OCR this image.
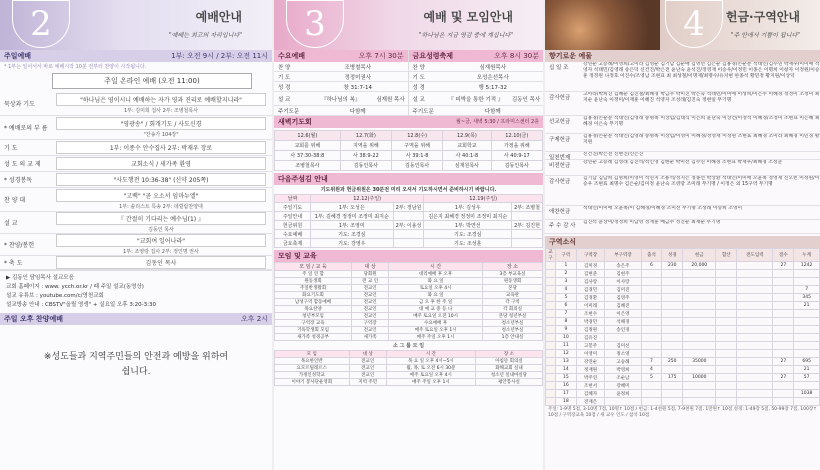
2	예배안내
"예배는 최고의 자리입니다"
주일예배	1부: 오전 9시 / 2부: 오전 11시
* 1부는 일어서서 바로 예배시작 10분 전부터 찬양이 시작됩니다.
주일 온라인 예배 (오전 11:00)
묵상과 기도
"하나님은 영이시니 예배하는 자가 영과 진리로 예배할지니라"
1부: 김미희 집사 2부: 조병철목사
* 예배로의 부 름
"영광송" / 회개기도 / 사도신경
"찬송가 104장"
기 도	1부: 이종수 안수집사 2부: 박재우 장로
성 도 의 교 제	교회소식 / 새가족 환영
* 성경봉독	"사도행전 10:36-38" (신약 205쪽)
찬 양 대
"고백" "곧 오소서 임마누엘"
1부: 솔리스트 특송 2부: 데릴람찬양대
설 교
『 간절히 기다리는 예수님(1) 』
김동인 목사
* 찬양/봉헌
"교회여 일어나라"
1부: 조영랑 집사 2부: 정인명 권사
* 축 도	김동인 목사
▶ 김동인 담임목사 설교모음
교회 홈페이지 : www. ycch.or.kr / 때 주일 설교(동영상)
설교 유튜브 : youtube.com/c/영천교회
설교방송 안내 : CBSTV"올릴 영생" + 실요일 오후 3:20-3:30
주일 오후 찬양예배	오후 2시
※성도들과 지역주민들의 안전과 예방을 위하여 쉽니다.
3	예배 및 모임안내
"하나님은 지금 영감 중에 계십니다"
수요예배	오후 7시 30분
찬 양	조병철목사
기 도	정정미권사
성 경	창 31:7-14
설 교	『하나님의 복』	심재원 목사
주기도문	다함께
금요성령축제	오후 8시 30분
찬 양	심재원목사
기 도	오성은선목사
성 경	행 5:17-32
설 교	『 피박을 통한 기적 』	김동인 목사
주기도문	다함께
새벽기도회	월~금, 새벽 5:30 / 프라미스센터 2층
12.6(월)	12.7(화)	12.8(수)	12.9(목)	12.10(금)
교회를 위해	지역을 위해	구역을 위해	교회학교	가정을 위해
사 37:30-38:8	사 38:9-22	사 39:1-8	사 40:1-8	사 40:9-17
조병철목사	김동인목사	김동인목사	심재원목사	김동인목사
다음주섬김 안내
기도위원과 헌금위원은 30분전 미리 오셔서 기도하시면서 준비하시기 바랍니다.
날짜	12.12(주일)		12.19(주일)	
주일기도	1부: 오성은	2부: 정남원	1부: 김성우	2부: 조병철
주일안내	1부: 김혜경 정정미 조정미 최지순		김은지 최혜경 정정미 조정미 최지순	
헌금위원	1부: 조영미	2부: 이용성	1부: 박연선	2부: 김진헌
수요예배	기도: 조경심		기도: 조경심	
금요축제	기도: 강영우		기도: 조성훈	
모임 및 교육
모 임 / 교 육	대 상	시 간	장 소
주 일 연 합	당회원	대리예배 후 오후	3층 부교육실
원동생회	전 교 인	화 요 일	원동생회
주일반생활회	전교인	토요일 오후 4시	본당
화요기도회	전교인	화 요 일	교육관
남성구역 합동예배	전교인	금 오 후 한 주 일	각 구역
목요찬양	전교인	대 예 교 중 등 나	각 회의실
청년부모임	전교인	매주 토요일 오전 10시	본당 청년부실
구역장 교육	구역장	수요예배 후	청소년부실
기독학생회 모임	전교인	매주 토요일 오후 1시	청소년부실
새가족 성경공부	새가족	매주 주일 오후 1시	1층 안내실
소 그 룹 모 임
모 임	대 상	시 간	장 소
목요한인반	전교인	목 요 일 오후 4시~5시	아침뜰 회의실
요모르틸레르스	전교인	월, 목, 토 오전 6시 30분	화해교회 실내
가정인성학교	전교인	매주 토요일 오후 4시	청소년 실내마실당
이야기 봉사단운영회	지역 주민	매주 주일 오후 1시	평안봉사실
4	헌금·구역안내
"주 안에서 기쁨이 됩니다"
향기로운 예물
십 일 조
강연순 고승례/이영희/고이라 김영순 김기남 김순애 김영선 김은순 김홍경/손순분 석대인/김수연 박재우/이미애 석영자 석태민/김영래 송은덕 신건진/박은전 윤난숙 윤석진/정영재 이승우/이정민 이종은 이명희 이창자 이정원/이승훈 정정원 나정호 이진수/조영남 조현표 최 최성철/이명재/최명수/유지현 한종석 황민정 황지원/이상덕
감사헌금
고아라/박희진 김혜순 김진철/최혜경 박금주 박미진 박은숙 석태민/이미애 이성희/이은주 이혜경 정정미 조정미 최지순 윤난숙 이정미/이재훈 이혜진 석영자 조성래/김진숙 정현일 무기명
선교헌금
김홍경/손순분 석대인/김영래 송명옥 이상임/김대식 이은희 윤난숙 이상건/이정석 이혜경/조정미 조현표 이은혜 최혜경 이은숙 무기명
구제헌금
김홍경/손순분 석대인/김영래 송명옥 이상임/이영미 이혜경/정영재 이정원 조현표 최혜경 조미라 최혜경 이민경 황지원
일천번제
신건진/박은전 신현진/신은진
비전헌금
강연순 고승례 김영래 김진석/석인영 김현순 박미선 김수연 이혜경 조현표 박재우/최혜경 조성준
감사헌금
김기남 김남희 김명희/이영미 석연지 조용석/정지은 정종선 박상환 석대인/이미애 오윤옥 정영재 신오빈 이정원/이승우 조현표 최명수 김은순/김미정 윤난숙 조영랑 조미래 무기명 / 이정은 외 15구역 무기명
애찬헌금
석대인/이미애 오윤옥/이 김혜경/이혜경 조미선 무기명 조성래 이승희 조영미
주 수 감 사
김진석 윤상미/정정희 이남영 정재훈 배금주 정진순 최재순 무기명
구역소식
교구	구역	구역장	부구역장	출석	성경	헌금	합산	전도입력	점수	누계
	1	김미경	송은주	6	230	20,000			27	1242
	2	김현준	김현주							
	3	김사랑	이사랑							
	4	김경민	김미진							7
	5	김경환	김영주							345
	6	이미래	김혜진							21
	7	조현수	이은영							
	8	박경민	석해경							
	9	김정원	송인경							
	10	김유진								
	11	고봉주	김미선							
	12	이영미	정소영							
	13	강연순	고승례	7	250	35000			27	695
	14	정재원	박영희	4						21
	15	박주연	조순남	5	175	10000			27	57
	16	조현서	강혜미							
	17	김혜자	윤정희							1038
	18	전재은								
주일: 1-9명 5점, 3-10명 7점, 10명↑ 10점 / 헌금: 1-4천원 5점, 7-9천원 7점, 1만원↑ 10점 성경: 1-49장 5점, 50-99장 7점, 100장↑ 10점 / 구역장교육 10점 / 새 교우 인도 / 참석 10점
